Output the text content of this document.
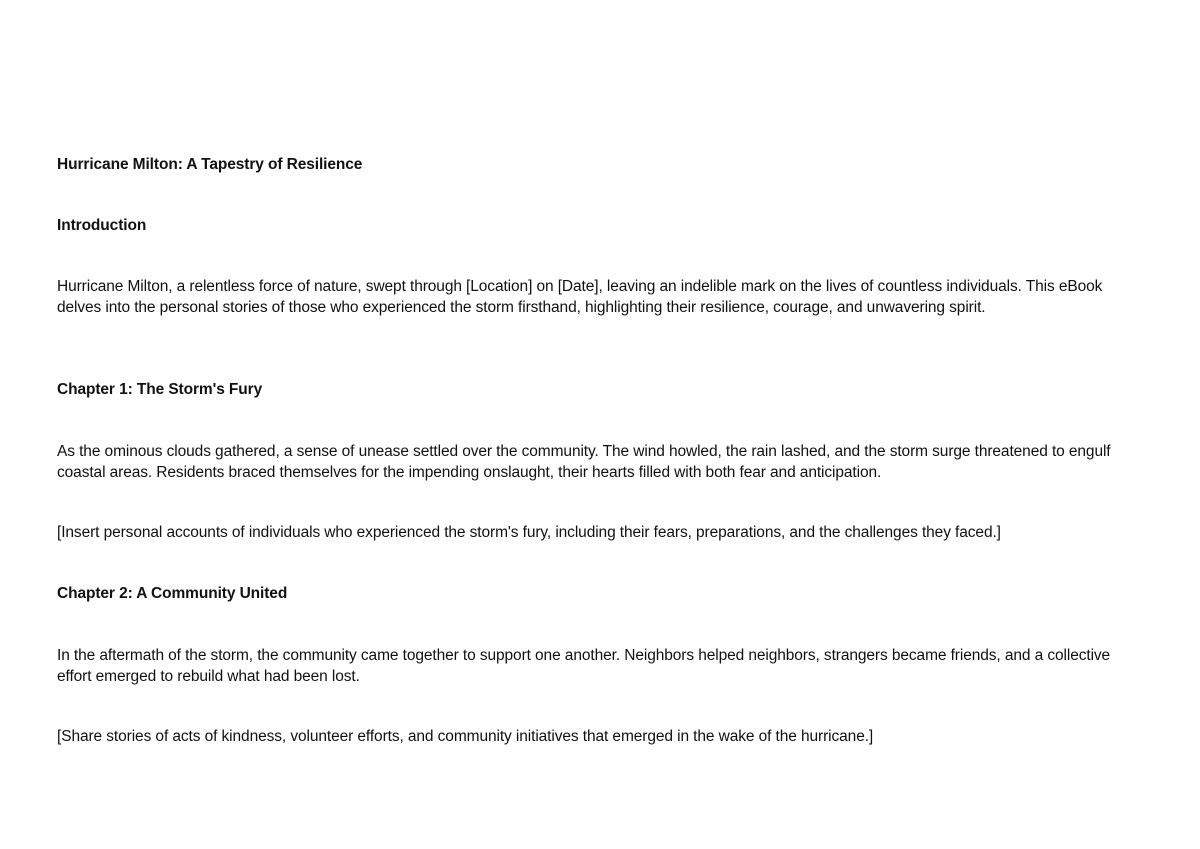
Hurricane Milton: A Tapestry of Resilience

Introduction

Hurricane Milton, a relentless force of nature, swept through [Location] on [Date], leaving an indelible mark on the lives of countless individuals. This eBook delves into the personal stories of those who experienced the storm firsthand, highlighting their resilience, courage, and unwavering spirit.

Chapter 1: The Storm's Fury

As the ominous clouds gathered, a sense of unease settled over the community. The wind howled, the rain lashed, and the storm surge threatened to engulf coastal areas. Residents braced themselves for the impending onslaught, their hearts filled with both fear and anticipation.

[Insert personal accounts of individuals who experienced the storm's fury, including their fears, preparations, and the challenges they faced.]

Chapter 2: A Community United

In the aftermath of the storm, the community came together to support one another. Neighbors helped neighbors, strangers became friends, and a collective effort emerged to rebuild what had been lost.

[Share stories of acts of kindness, volunteer efforts, and community initiatives that emerged in the wake of the hurricane.]
